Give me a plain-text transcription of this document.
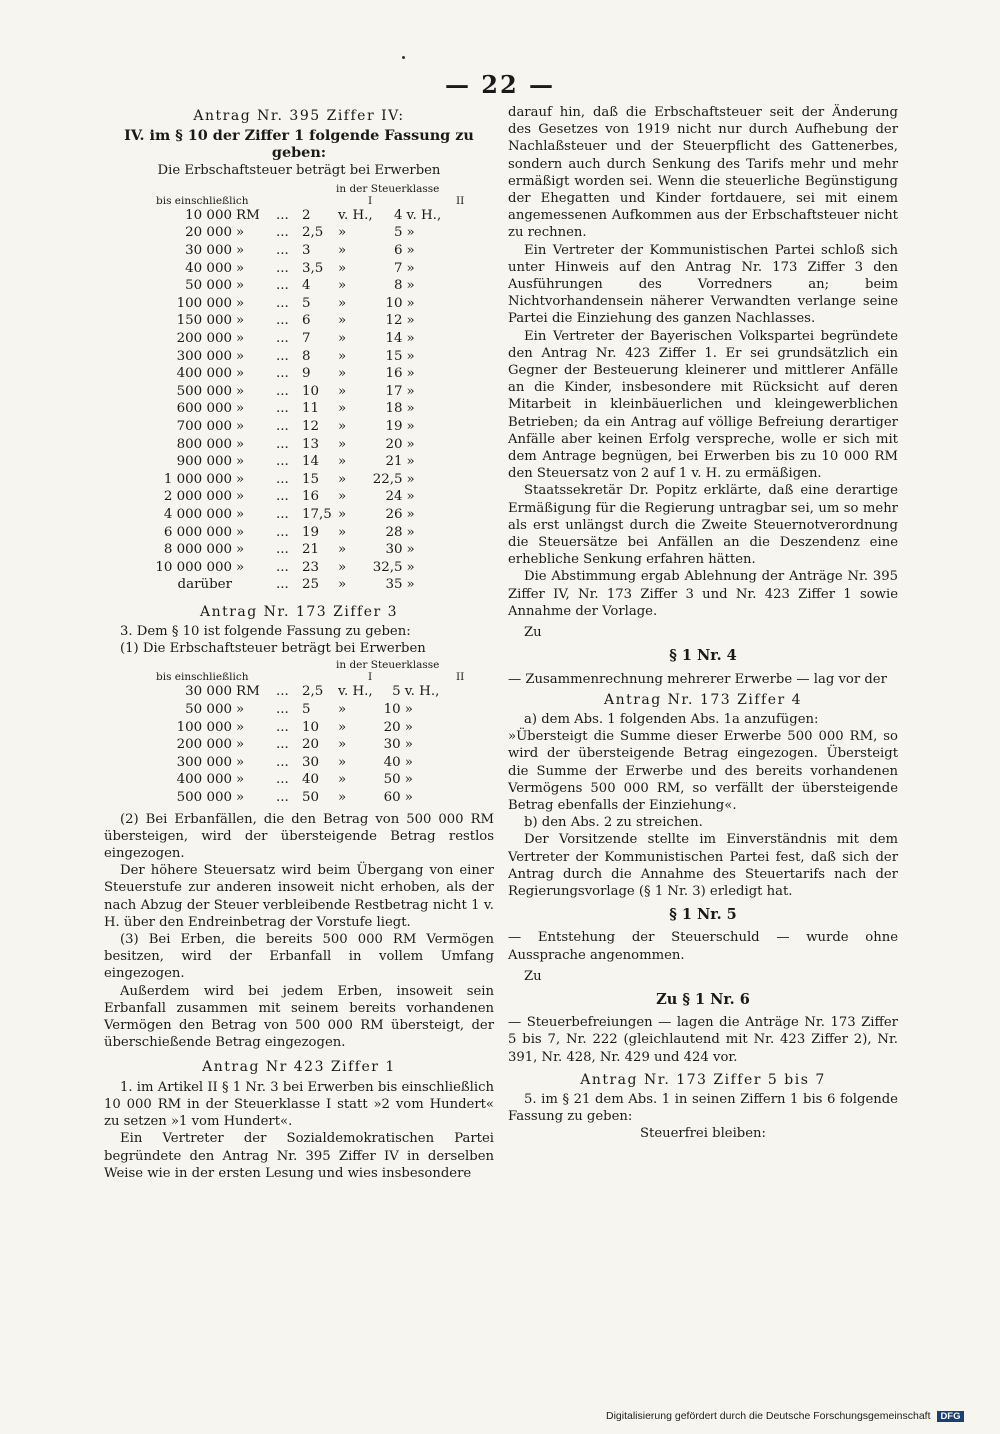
— 22 —
Antrag Nr. 395 Ziffer IV:

IV. im § 10 der Ziffer 1 folgende Fassung zu geben:

Die Erbschaftsteuer beträgt bei Erwerben

in der Steuerklasse
bis einschließlich	I	II
10 000	RM	...	2	v. H.,	4	v. H.,
20 000	»	...	2,5	»	5	»
30 000	»	...	3	»	6	»
40 000	»	...	3,5	»	7	»
50 000	»	...	4	»	8	»
100 000	»	...	5	»	10	»
150 000	»	...	6	»	12	»
200 000	»	...	7	»	14	»
300 000	»	...	8	»	15	»
400 000	»	...	9	»	16	»
500 000	»	...	10	»	17	»
600 000	»	...	11	»	18	»
700 000	»	...	12	»	19	»
800 000	»	...	13	»	20	»
900 000	»	...	14	»	21	»
1 000 000	»	...	15	»	22,5	»
2 000 000	»	...	16	»	24	»
4 000 000	»	...	17,5	»	26	»
6 000 000	»	...	19	»	28	»
8 000 000	»	...	21	»	30	»
10 000 000	»	...	23	»	32,5	»
darüber		...	25	»	35	»
Antrag Nr. 173 Ziffer 3

3. Dem § 10 ist folgende Fassung zu geben:

(1) Die Erbschaftsteuer beträgt bei Erwerben

in der Steuerklasse
bis einschließlich	I	II
30 000	RM	...	2,5	v. H.,	5	v. H.,
50 000	»	...	5	»	10	»
100 000	»	...	10	»	20	»
200 000	»	...	20	»	30	»
300 000	»	...	30	»	40	»
400 000	»	...	40	»	50	»
500 000	»	...	50	»	60	»

(2) Bei Erbanfällen, die den Betrag von 500 000 RM übersteigen, wird der übersteigende Betrag restlos eingezogen.

Der höhere Steuersatz wird beim Übergang von einer Steuerstufe zur anderen insoweit nicht erhoben, als der nach Abzug der Steuer verbleibende Restbetrag nicht 1 v. H. über den Endreinbetrag der Vorstufe liegt.

(3) Bei Erben, die bereits 500 000 RM Vermögen besitzen, wird der Erbanfall in vollem Umfang eingezogen.

Außerdem wird bei jedem Erben, insoweit sein Erbanfall zusammen mit seinem bereits vorhandenen Vermögen den Betrag von 500 000 RM übersteigt, der überschießende Betrag eingezogen.

Antrag Nr 423 Ziffer 1

1. im Artikel II § 1 Nr. 3 bei Erwerben bis einschließlich 10 000 RM in der Steuerklasse I statt »2 vom Hundert« zu setzen »1 vom Hundert«.

Ein Vertreter der Sozialdemokratischen Partei begründete den Antrag Nr. 395 Ziffer IV in derselben Weise wie in der ersten Lesung und wies insbesondere

darauf hin, daß die Erbschaftsteuer seit der Änderung des Gesetzes von 1919 nicht nur durch Aufhebung der Nachlaßsteuer und der Steuerpflicht des Gattenerbes, sondern auch durch Senkung des Tarifs mehr und mehr ermäßigt worden sei. Wenn die steuerliche Begünstigung der Ehegatten und Kinder fortdauere, sei mit einem angemessenen Aufkommen aus der Erbschaftsteuer nicht zu rechnen.

Ein Vertreter der Kommunistischen Partei schloß sich unter Hinweis auf den Antrag Nr. 173 Ziffer 3 den Ausführungen des Vorredners an; beim Nichtvorhandensein näherer Verwandten verlange seine Partei die Einziehung des ganzen Nachlasses.

Ein Vertreter der Bayerischen Volkspartei begründete den Antrag Nr. 423 Ziffer 1. Er sei grundsätzlich ein Gegner der Besteuerung kleinerer und mittlerer Anfälle an die Kinder, insbesondere mit Rücksicht auf deren Mitarbeit in kleinbäuerlichen und kleingewerblichen Betrieben; da ein Antrag auf völlige Befreiung derartiger Anfälle aber keinen Erfolg verspreche, wolle er sich mit dem Antrage begnügen, bei Erwerben bis zu 10 000 RM den Steuersatz von 2 auf 1 v. H. zu ermäßigen.

Staatssekretär Dr. Popitz erklärte, daß eine derartige Ermäßigung für die Regierung untragbar sei, um so mehr als erst unlängst durch die Zweite Steuernotverordnung die Steuersätze bei Anfällen an die Deszendenz eine erhebliche Senkung erfahren hätten.

Die Abstimmung ergab Ablehnung der Anträge Nr. 395 Ziffer IV, Nr. 173 Ziffer 3 und Nr. 423 Ziffer 1 sowie Annahme der Vorlage.

Zu

§ 1 Nr. 4

— Zusammenrechnung mehrerer Erwerbe — lag vor der

Antrag Nr. 173 Ziffer 4

a) dem Abs. 1 folgenden Abs. 1a anzufügen:

»Übersteigt die Summe dieser Erwerbe 500 000 RM, so wird der übersteigende Betrag eingezogen. Übersteigt die Summe der Erwerbe und des bereits vorhandenen Vermögens 500 000 RM, so verfällt der übersteigende Betrag ebenfalls der Einziehung«.

b) den Abs. 2 zu streichen.

Der Vorsitzende stellte im Einverständnis mit dem Vertreter der Kommunistischen Partei fest, daß sich der Antrag durch die Annahme des Steuertarifs nach der Regierungsvorlage (§ 1 Nr. 3) erledigt hat.

§ 1 Nr. 5

— Entstehung der Steuerschuld — wurde ohne Aussprache angenommen.

Zu

Zu § 1 Nr. 6

— Steuerbefreiungen — lagen die Anträge Nr. 173 Ziffer 5 bis 7, Nr. 222 (gleichlautend mit Nr. 423 Ziffer 2), Nr. 391, Nr. 428, Nr. 429 und 424 vor.

Antrag Nr. 173 Ziffer 5 bis 7

5. im § 21 dem Abs. 1 in seinen Ziffern 1 bis 6 folgende Fassung zu geben:

Steuerfrei bleiben:

Digitalisierung gefördert durch die Deutsche Forschungsgemeinschaft DFG
